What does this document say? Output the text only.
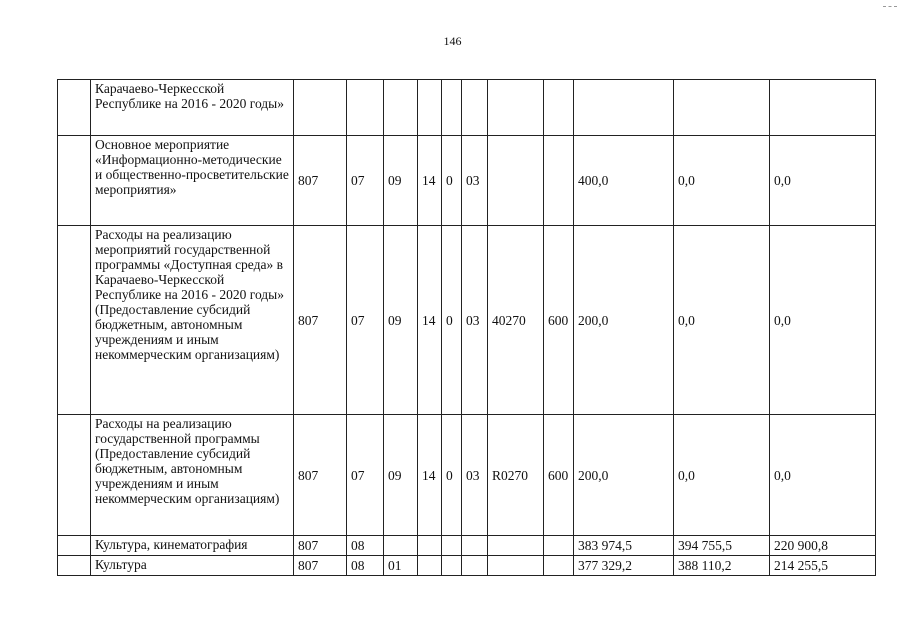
146
	Карачаево-Черкесской Республике на 2016 - 2020 годы»											
	Основное мероприятие «Информационно-методические и общественно-просветительские мероприятия»	807	07	09	14	0	03			400,0	0,0	0,0
	Расходы на реализацию мероприятий государственной программы «Доступная среда» в Карачаево-Черкесской Республике на 2016 - 2020 годы» (Предоставление субсидий бюджетным, автономным учреждениям и иным некоммерческим организациям)	807	07	09	14	0	03	40270	600	200,0	0,0	0,0
	Расходы на реализацию государственной программы (Предоставление субсидий бюджетным, автономным учреждениям и иным некоммерческим организациям)	807	07	09	14	0	03	R0270	600	200,0	0,0	0,0
	Культура, кинематография	807	08							383 974,5	394 755,5	220 900,8
	Культура	807	08	01						377 329,2	388 110,2	214 255,5
